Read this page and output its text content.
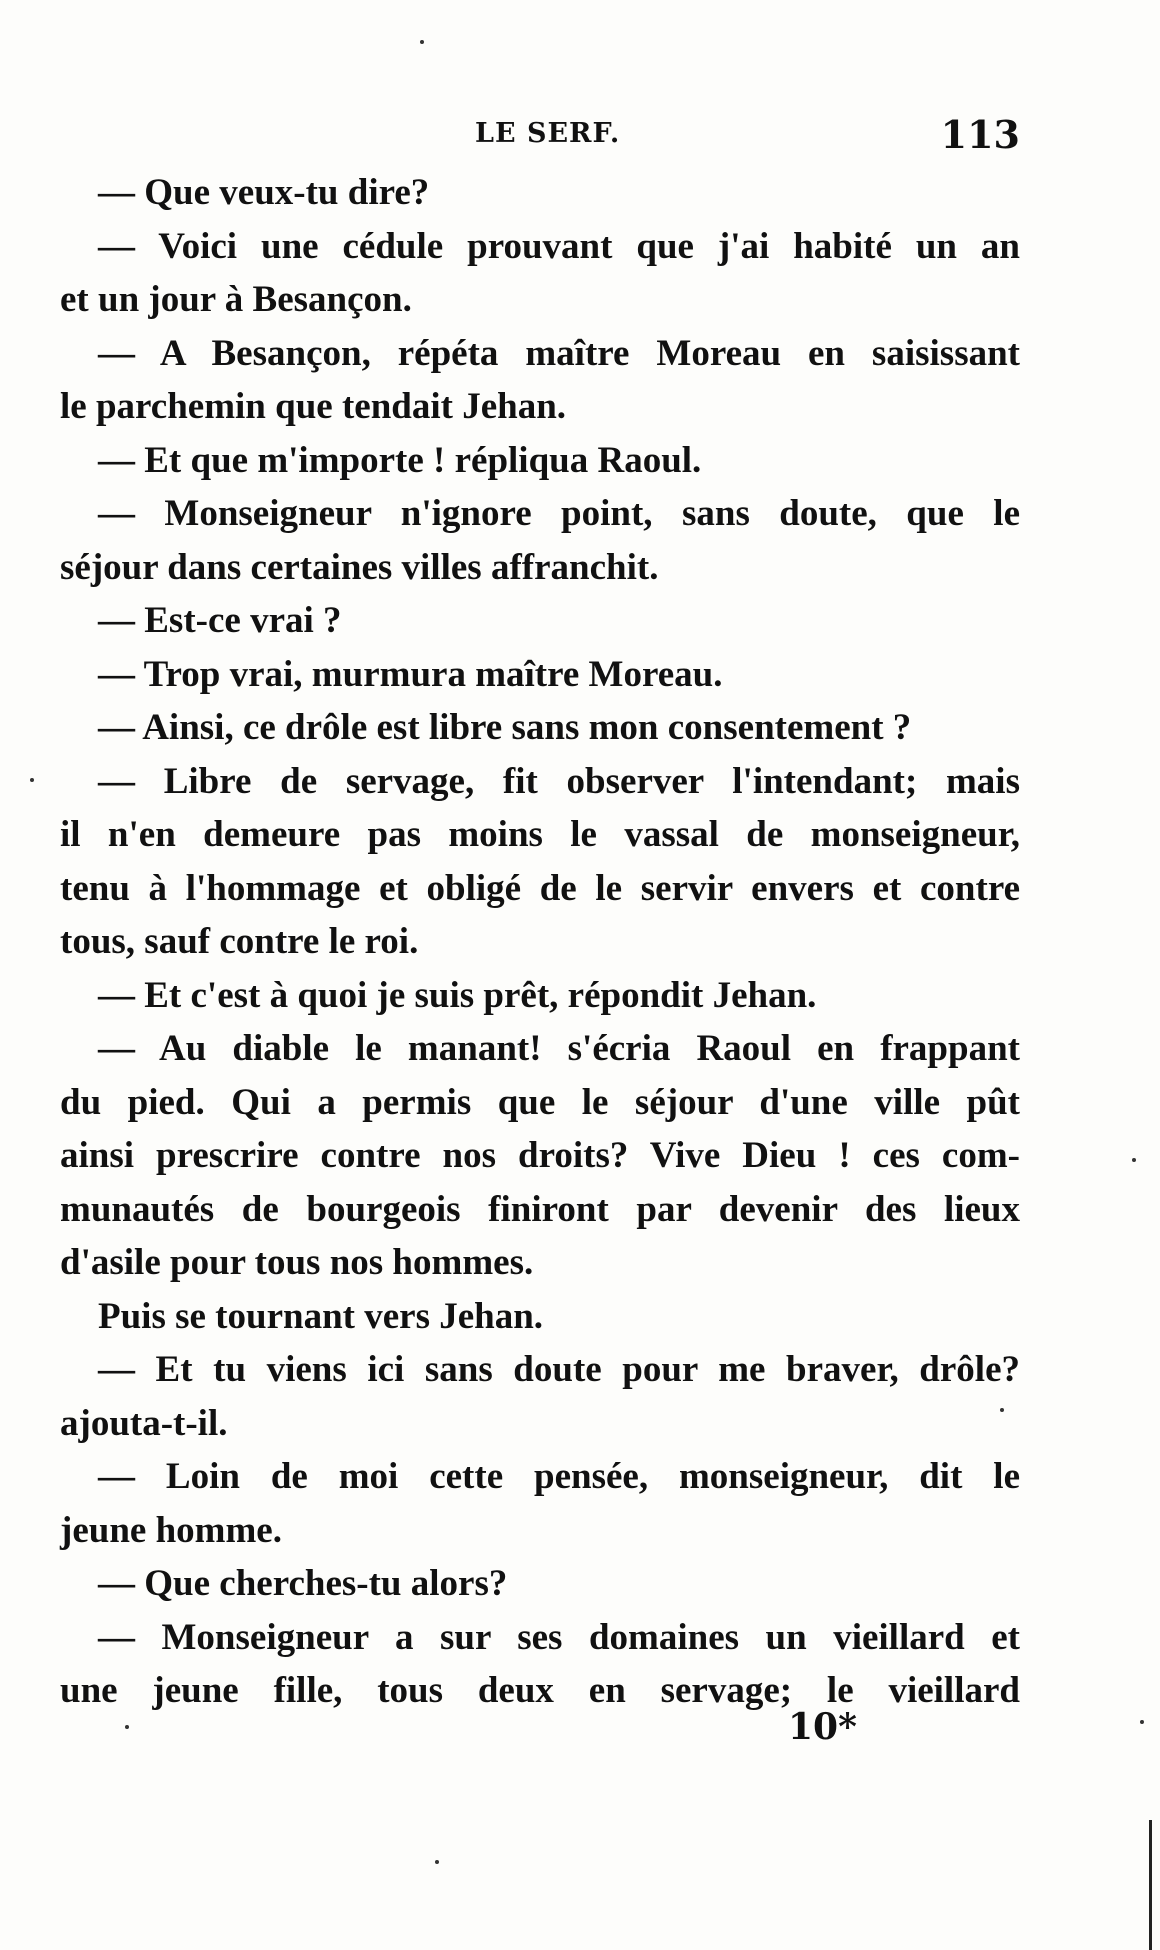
LE SERF.	113
— Que veux-tu dire?
— Voici une cédule prouvant que j'ai habité un an
et un jour à Besançon.
— A Besançon, répéta maître Moreau en saisissant
le parchemin que tendait Jehan.
— Et que m'importe ! répliqua Raoul.
— Monseigneur n'ignore point, sans doute, que le
séjour dans certaines villes affranchit.
— Est-ce vrai ?
— Trop vrai, murmura maître Moreau.
— Ainsi, ce drôle est libre sans mon consentement ?
— Libre de servage, fit observer l'intendant; mais
il n'en demeure pas moins le vassal de monseigneur,
tenu à l'hommage et obligé de le servir envers et contre
tous, sauf contre le roi.
— Et c'est à quoi je suis prêt, répondit Jehan.
— Au diable le manant! s'écria Raoul en frappant
du pied. Qui a permis que le séjour d'une ville pût
ainsi prescrire contre nos droits? Vive Dieu ! ces com-
munautés de bourgeois finiront par devenir des lieux
d'asile pour tous nos hommes.
Puis se tournant vers Jehan.
— Et tu viens ici sans doute pour me braver, drôle?
ajouta-t-il.
— Loin de moi cette pensée, monseigneur, dit le
jeune homme.
— Que cherches-tu alors?
— Monseigneur a sur ses domaines un vieillard et
une jeune fille, tous deux en servage; le vieillard
10*
